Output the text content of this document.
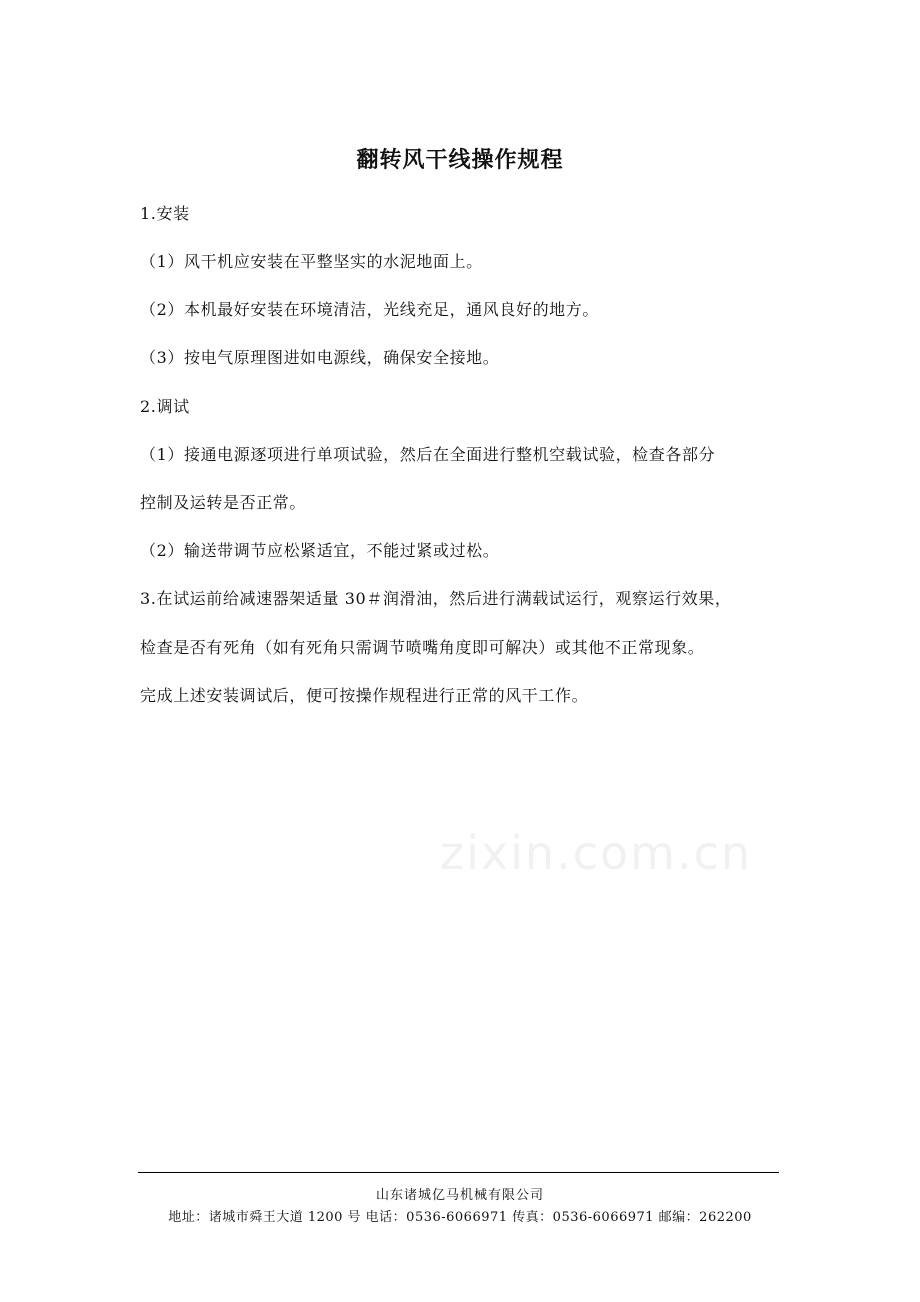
zixin.com.cn
翻转风干线操作规程
1.安装
（1）风干机应安装在平整坚实的水泥地面上。
（2）本机最好安装在环境清洁，光线充足，通风良好的地方。
（3）按电气原理图进如电源线，确保安全接地。
2.调试
（1）接通电源逐项进行单项试验，然后在全面进行整机空载试验，检查各部分
控制及运转是否正常。
（2）输送带调节应松紧适宜，不能过紧或过松。
3.在试运前给减速器架适量 30＃润滑油，然后进行满载试运行，观察运行效果，
检查是否有死角（如有死角只需调节喷嘴角度即可解决）或其他不正常现象。
完成上述安装调试后，便可按操作规程进行正常的风干工作。
山东诸城亿马机械有限公司
地址：诸城市舜王大道 1200 号 电话：0536-6066971 传真：0536-6066971 邮编：262200
